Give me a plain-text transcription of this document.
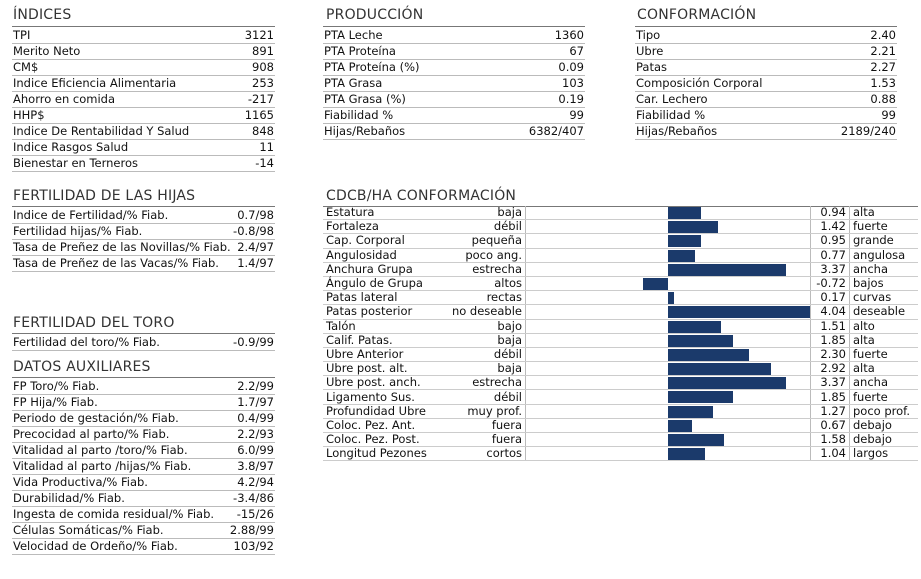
ÍNDICES
TPI	3121
Merito Neto	891
CM$	908
Indice Eficiencia Alimentaria	253
Ahorro en comida	-217
HHP$	1165
Indice De Rentabilidad Y Salud	848
Indice Rasgos Salud	11
Bienestar en Terneros	-14
PRODUCCIÓN
PTA Leche	1360
PTA Proteína	67
PTA Proteína (%)	0.09
PTA Grasa	103
PTA Grasa (%)	0.19
Fiabilidad %	99
Hijas/Rebaños	6382/407
CONFORMACIÓN
Tipo	2.40
Ubre	2.21
Patas	2.27
Composición Corporal	1.53
Car. Lechero	0.88
Fiabilidad %	99
Hijas/Rebaños	2189/240
FERTILIDAD DE LAS HIJAS
Indice de Fertilidad/% Fiab.	0.7/98
Fertilidad hijas/% Fiab.	-0.8/98
Tasa de Preñez de las Novillas/% Fiab. 2.4/97
Tasa de Preñez de las Vacas/% Fiab.	1.4/97
FERTILIDAD DEL TORO
Fertilidad del toro/% Fiab.	-0.9/99
DATOS AUXILIARES
FP Toro/% Fiab.	2.2/99
FP Hija/% Fiab.	1.7/97
Periodo de gestación/% Fiab.	0.4/99
Precocidad al parto/% Fiab.	2.2/93
Vitalidad al parto /toro/% Fiab.	6.0/99
Vitalidad al parto /hijas/% Fiab.	3.8/97
Vida Productiva/% Fiab.	4.2/94
Durabilidad/% Fiab.	-3.4/86
Ingesta de comida residual/% Fiab.	-15/26
Células Somáticas/% Fiab.	2.88/99
Velocidad de Ordeño/% Fiab.	103/92
CDCB/HA CONFORMACIÓN
Estatura	baja		0.94	alta
Fortaleza	débil		1.42	fuerte
Cap. Corporal	pequeña		0.95	grande
Angulosidad	poco ang.		0.77	angulosa
Anchura Grupa	estrecha		3.37	ancha
Ángulo de Grupa	altos		-0.72	bajos
Patas lateral	rectas		0.17	curvas
Patas posterior	no deseable		4.04	deseable
Talón	bajo		1.51	alto
Calif. Patas.	baja		1.85	alta
Ubre Anterior	débil		2.30	fuerte
Ubre post. alt.	baja		2.92	alta
Ubre post. anch.	estrecha		3.37	ancha
Ligamento Sus.	débil		1.85	fuerte
Profundidad Ubre	muy prof.		1.27	poco prof.
Coloc. Pez. Ant.	fuera		0.67	debajo
Coloc. Pez. Post.	fuera		1.58	debajo
Longitud Pezones	cortos		1.04	largos
